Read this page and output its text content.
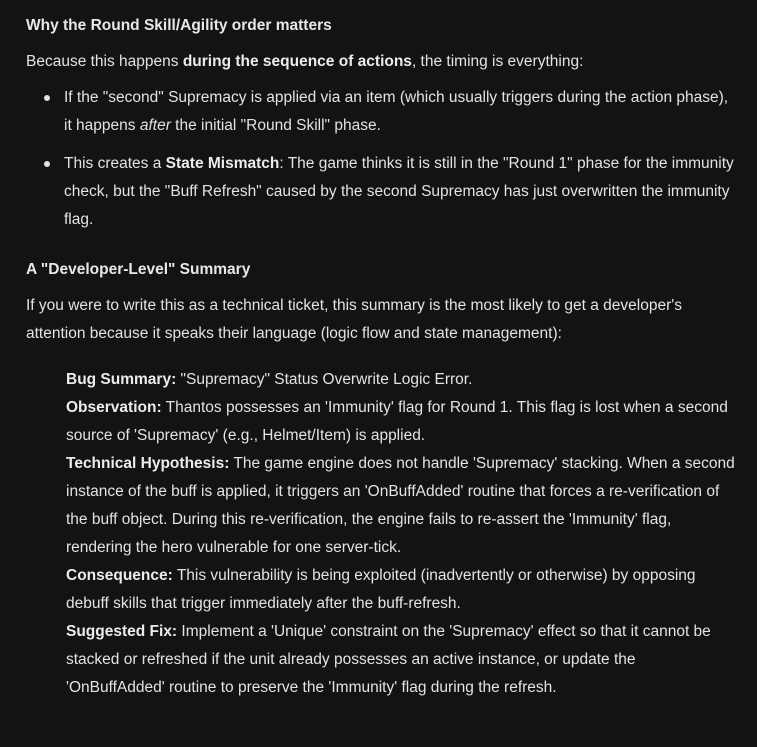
Why the Round Skill/Agility order matters

Because this happens during the sequence of actions, the timing is everything:

If the "second" Supremacy is applied via an item (which usually triggers during the action phase), it happens after the initial "Round Skill" phase.
This creates a State Mismatch: The game thinks it is still in the "Round 1" phase for the immunity check, but the "Buff Refresh" caused by the second Supremacy has just overwritten the immunity flag.
A "Developer-Level" Summary

If you were to write this as a technical ticket, this summary is the most likely to get a developer's attention because it speaks their language (logic flow and state management):

Bug Summary: "Supremacy" Status Overwrite Logic Error.
Observation: Thantos possesses an 'Immunity' flag for Round 1. This flag is lost when a second source of 'Supremacy' (e.g., Helmet/Item) is applied.
Technical Hypothesis: The game engine does not handle 'Supremacy' stacking. When a second instance of the buff is applied, it triggers an 'OnBuffAdded' routine that forces a re-verification of the buff object. During this re-verification, the engine fails to re-assert the 'Immunity' flag, rendering the hero vulnerable for one server-tick.
Consequence: This vulnerability is being exploited (inadvertently or otherwise) by opposing debuff skills that trigger immediately after the buff-refresh.
Suggested Fix: Implement a 'Unique' constraint on the 'Supremacy' effect so that it cannot be stacked or refreshed if the unit already possesses an active instance, or update the 'OnBuffAdded' routine to preserve the 'Immunity' flag during the refresh.
